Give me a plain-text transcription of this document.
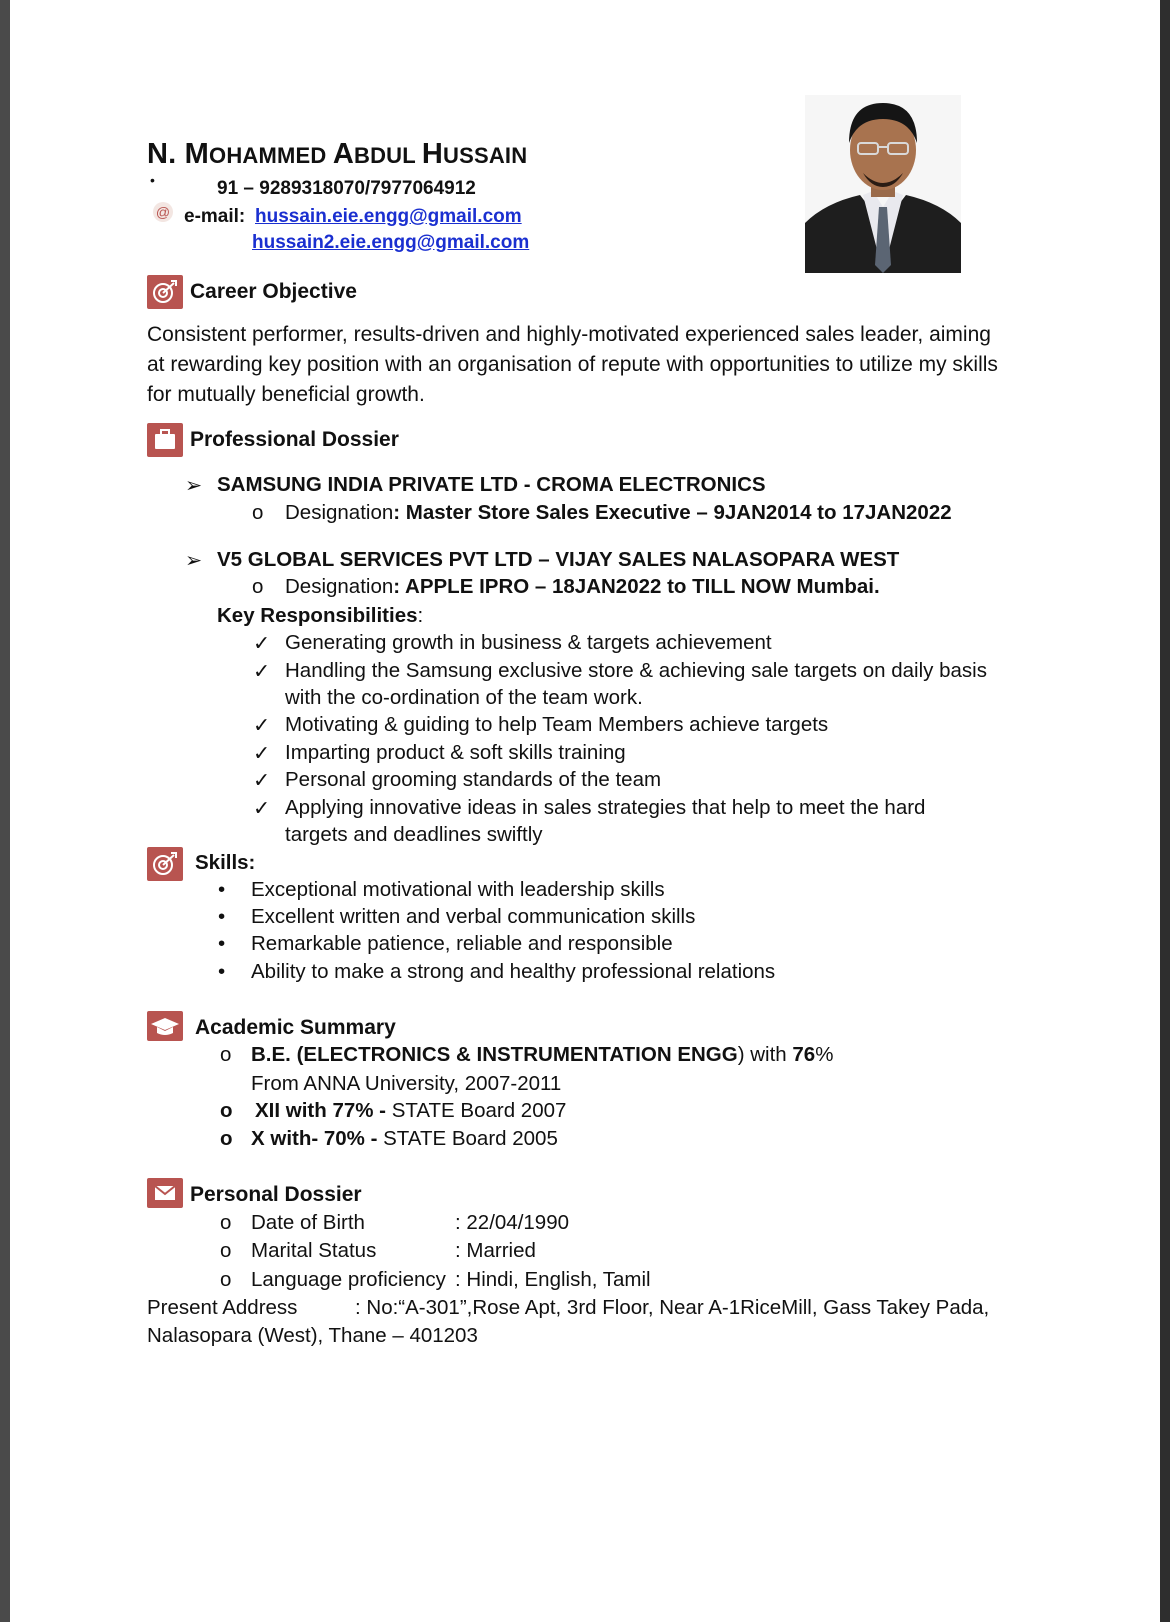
N. MOHAMMED ABDUL HUSSAIN
•	91 – 9289318070/7977064912
@ e-mail: hussain.eie.engg@gmail.com
hussain2.eie.engg@gmail.com
Career Objective
Consistent performer, results-driven and highly-motivated experienced sales leader, aiming at rewarding key position with an organisation of repute with opportunities to utilize my skills for mutually beneficial growth.
Professional Dossier
➢ SAMSUNG INDIA PRIVATE LTD - CROMA ELECTRONICS
o Designation: Master Store Sales Executive – 9JAN2014 to 17JAN2022
➢ V5 GLOBAL SERVICES PVT LTD – VIJAY SALES NALASOPARA WEST
o Designation: APPLE IPRO – 18JAN2022 to TILL NOW Mumbai.
Key Responsibilities:
✓ Generating growth in business & targets achievement
✓ Handling the Samsung exclusive store & achieving sale targets on daily basis
with the co-ordination of the team work.
✓ Motivating & guiding to help Team Members achieve targets
✓ Imparting product & soft skills training
✓ Personal grooming standards of the team
✓ Applying innovative ideas in sales strategies that help to meet the hard
targets and deadlines swiftly
Skills:
• Exceptional motivational with leadership skills
• Excellent written and verbal communication skills
• Remarkable patience, reliable and responsible
• Ability to make a strong and healthy professional relations
Academic Summary
o B.E. (ELECTRONICS & INSTRUMENTATION ENGG) with 76%
From ANNA University, 2007-2011
o XII with 77% - STATE Board 2007
o X with- 70% - STATE Board 2005
Personal Dossier
o Date of Birth	: 22/04/1990
o Marital Status	: Married
o Language proficiency : Hindi, English, Tamil
Present Address	: No:“A-301”,Rose Apt, 3rd Floor, Near A-1RiceMill, Gass Takey Pada,
Nalasopara (West), Thane – 401203
